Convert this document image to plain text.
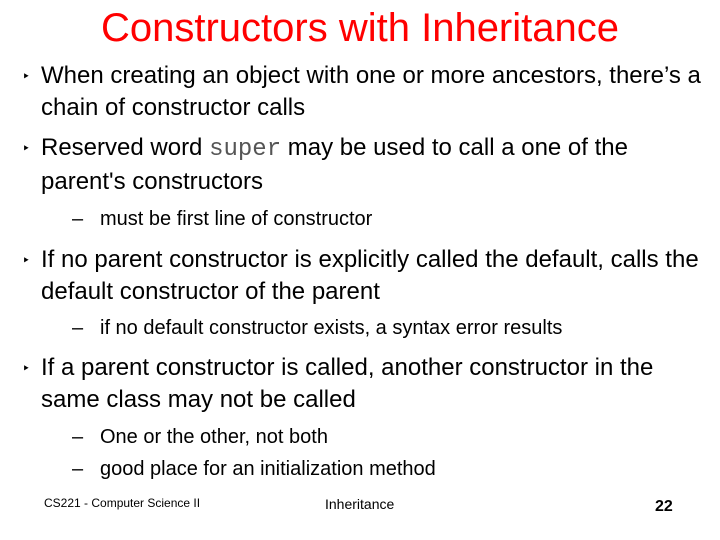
Constructors with Inheritance
‣ When creating an object with one or more ancestors, there’s a chain of constructor calls
‣ Reserved word super may be used to call a one of the parent's constructors
– must be first line of constructor
‣ If no parent constructor is explicitly called the default, calls the default constructor of the parent
– if no default constructor exists, a syntax error results
‣ If a parent constructor is called, another constructor in the same class may not be called
– One or the other, not both
– good place for an initialization method
CS221 - Computer Science II	Inheritance	22
